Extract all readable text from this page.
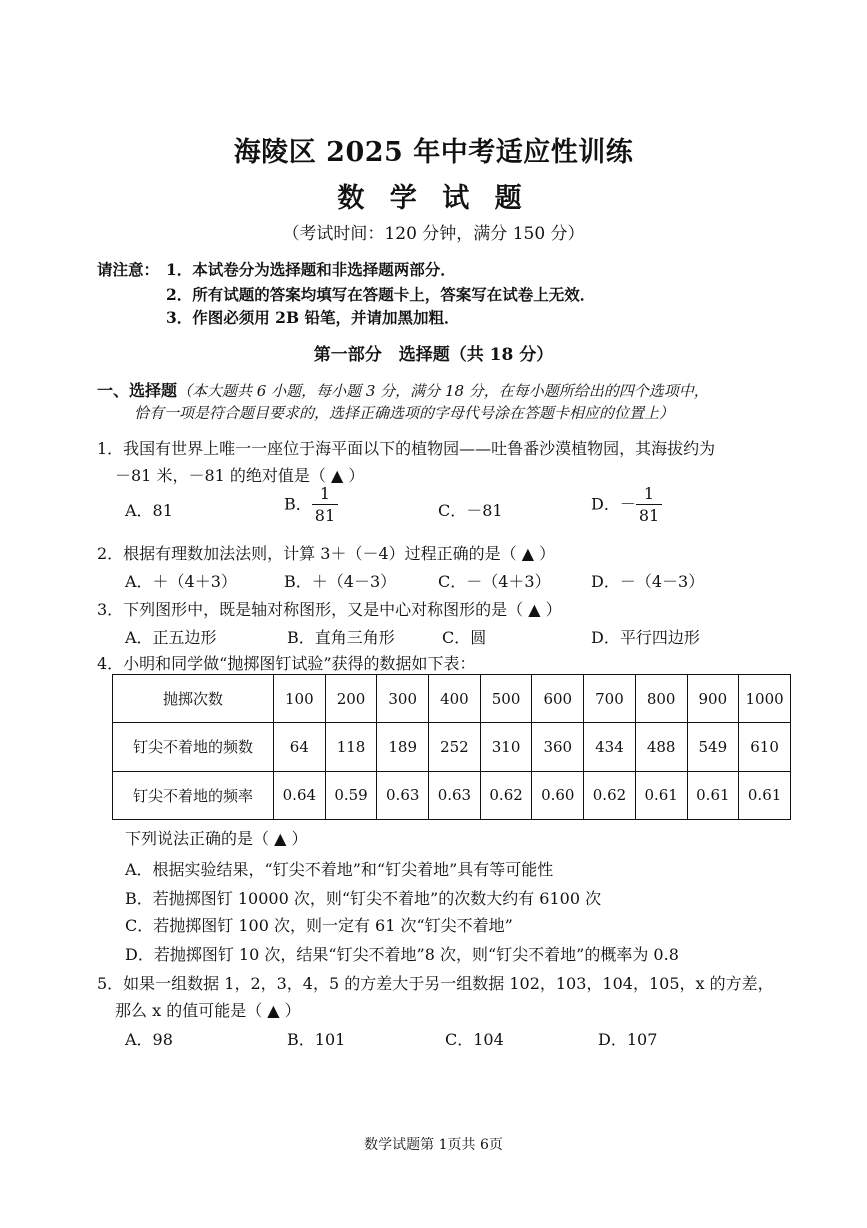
海陵区 2025 年中考适应性训练
数 学 试 题
（考试时间：120 分钟，满分 150 分）
请注意： 1．本试卷分为选择题和非选择题两部分．
2．所有试题的答案均填写在答题卡上，答案写在试卷上无效．
3．作图必须用 2B 铅笔，并请加黑加粗．
第一部分　选择题（共 18 分）
一、选择题（本大题共 6 小题，每小题 3 分，满分 18 分，在每小题所给出的四个选项中，
恰有一项是符合题目要求的，选择正确选项的字母代号涂在答题卡相应的位置上）
1．我国有世界上唯一一座位于海平面以下的植物园——吐鲁番沙漠植物园，其海拔约为
－81 米，－81 的绝对值是（ ▲ ）
A．81	B． $\frac{1}{81}$	C．－81	D．－ $\frac{1}{81}$
2．根据有理数加法法则，计算 3＋（－4）过程正确的是（ ▲ ）
A．＋（4＋3）	B．＋（4－3）	C．－（4＋3）	D．－（4－3）
3．下列图形中，既是轴对称图形，又是中心对称图形的是（ ▲ ）
A．正五边形	B．直角三角形	C．圆	D．平行四边形
4．小明和同学做“抛掷图钉试验”获得的数据如下表：
抛掷次数	100	200	300	400	500	600	700	800	900	1000
钉尖不着地的频数	64	118	189	252	310	360	434	488	549	610
钉尖不着地的频率	0.64	0.59	0.63	0.63	0.62	0.60	0.62	0.61	0.61	0.61
下列说法正确的是（ ▲ ）
A．根据实验结果，“钉尖不着地”和“钉尖着地”具有等可能性
B．若抛掷图钉 10000 次，则“钉尖不着地”的次数大约有 6100 次
C．若抛掷图钉 100 次，则一定有 61 次“钉尖不着地”
D．若抛掷图钉 10 次，结果“钉尖不着地”8 次，则“钉尖不着地”的概率为 0.8
5．如果一组数据 1，2，3，4，5 的方差大于另一组数据 102，103，104，105，x 的方差，
那么 x 的值可能是（ ▲ ）
A．98	B．101	C．104	D．107
数学试题第 1页共 6页
